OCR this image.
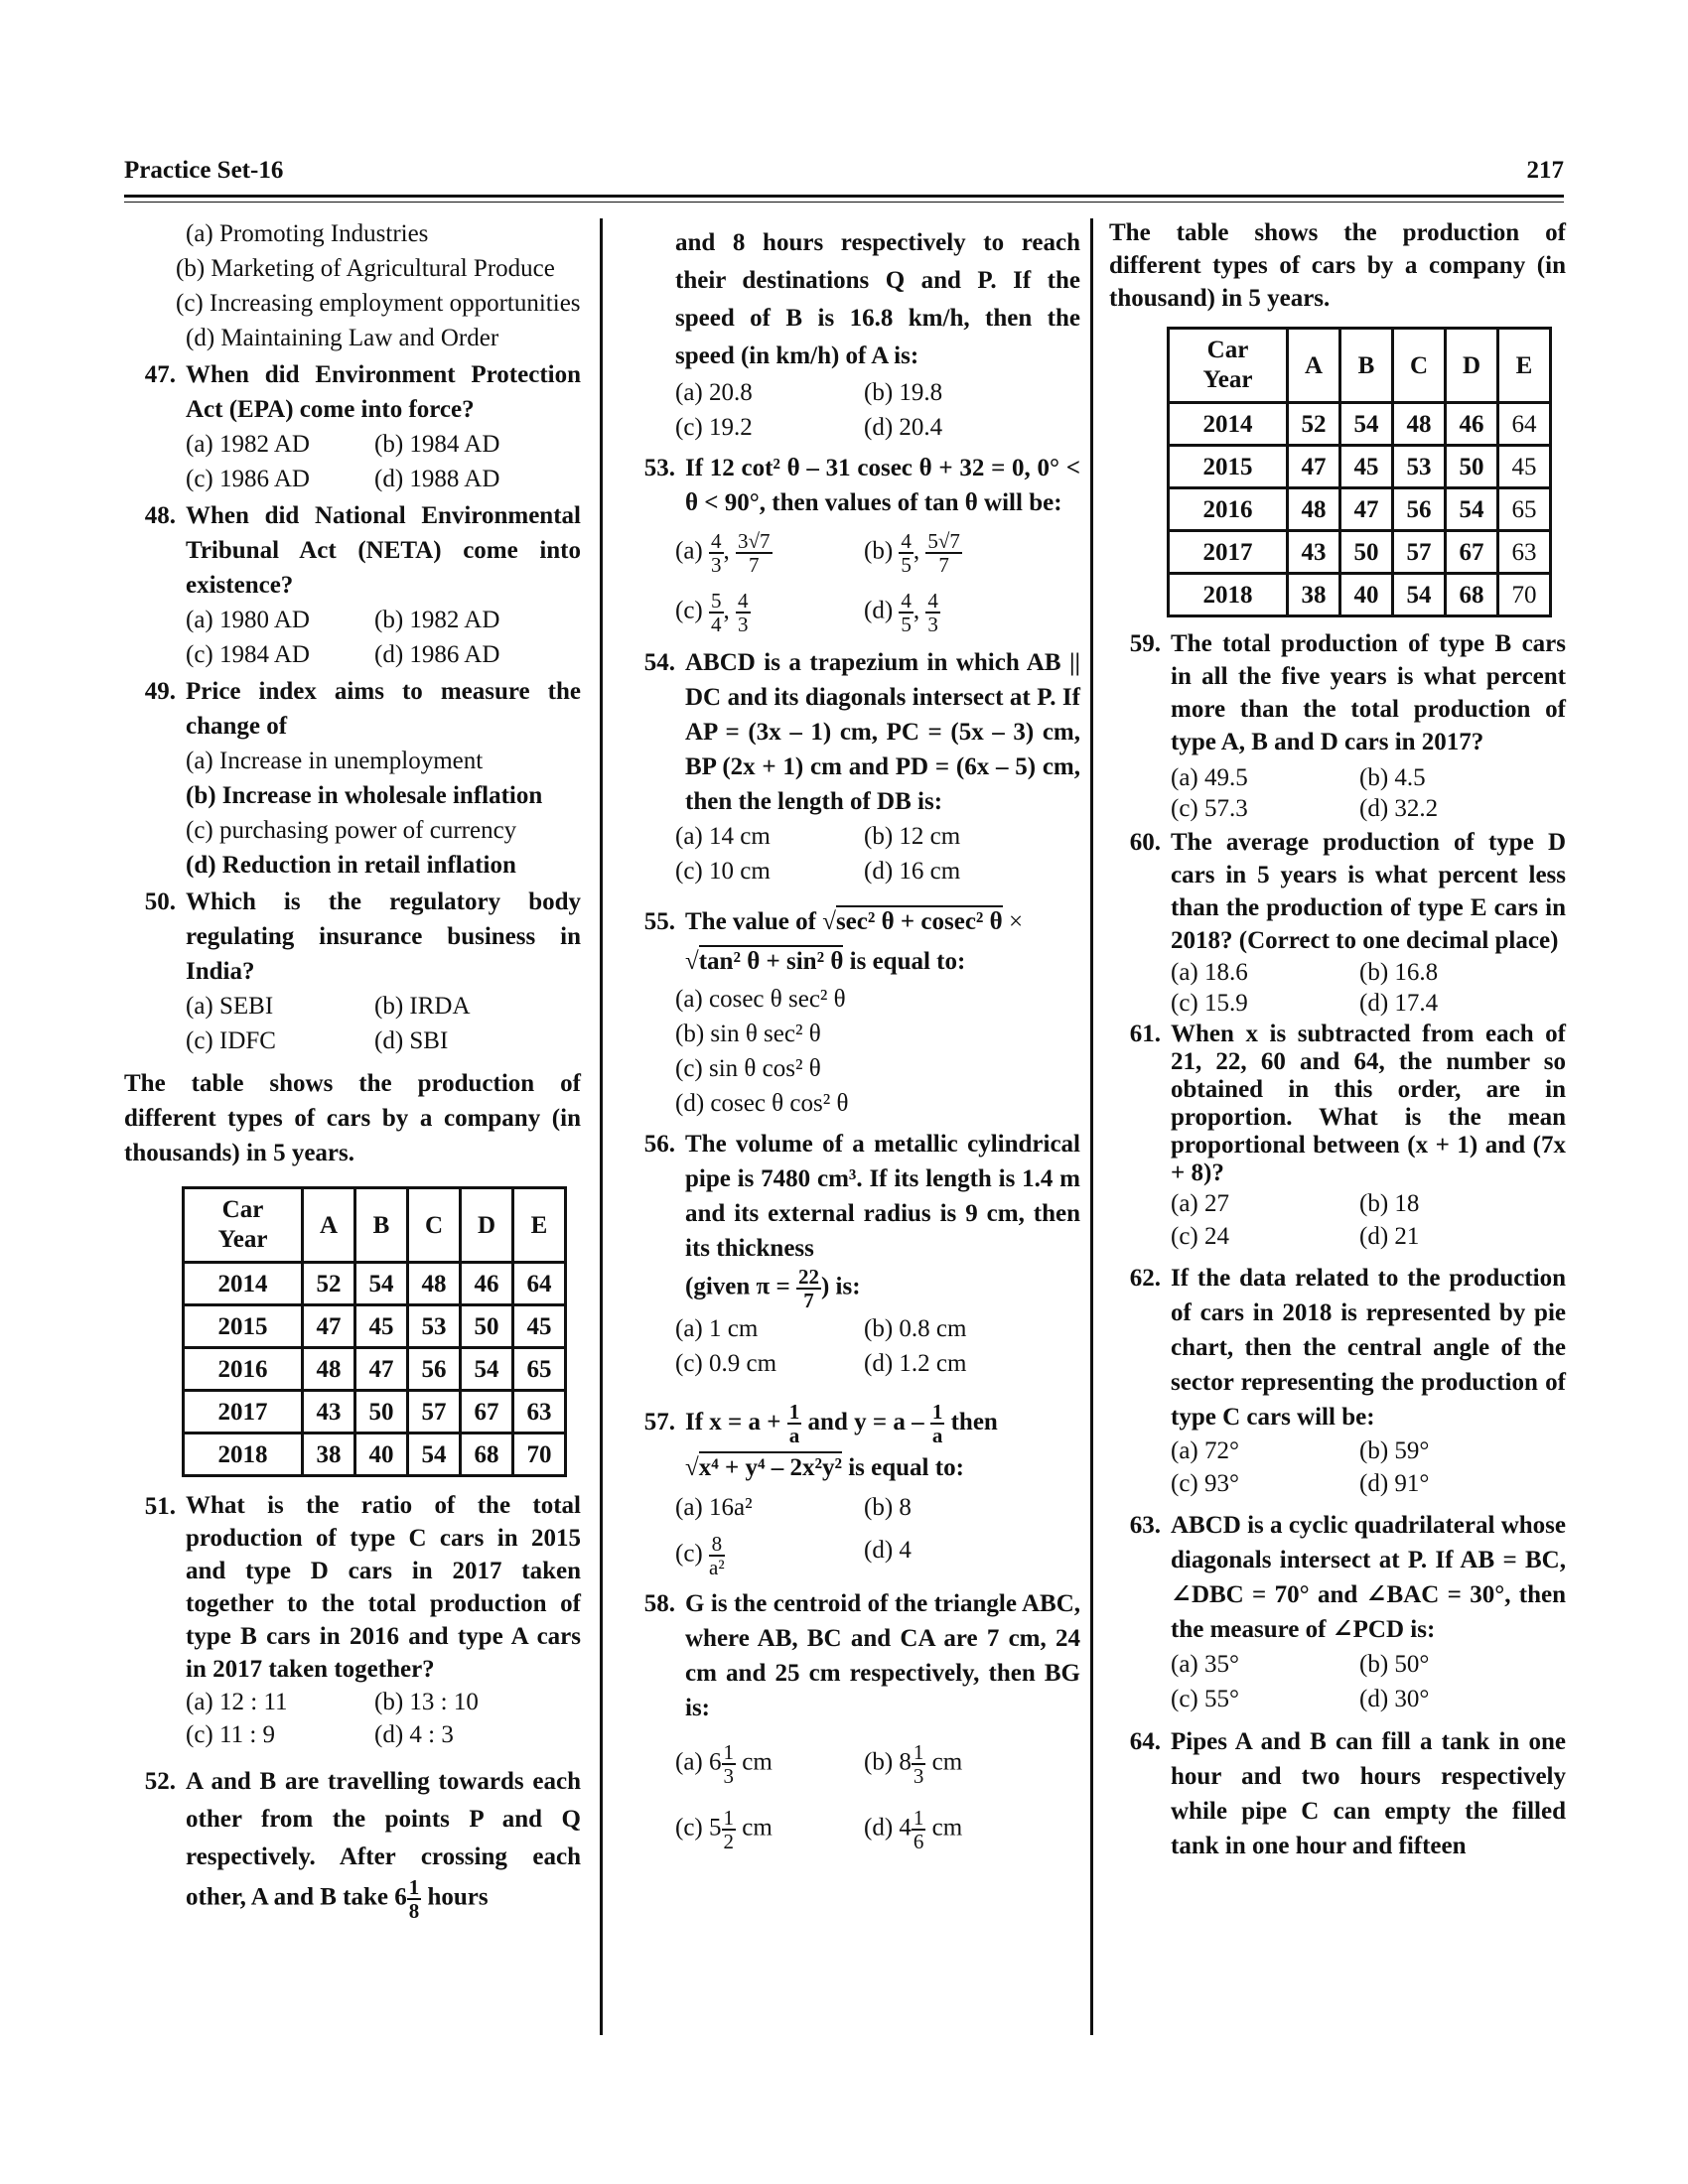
Practice Set-16	217
(a) Promoting Industries
(b) Marketing of Agricultural Produce
(c) Increasing employment opportunities
(d) Maintaining Law and Order
47. When did Environment Protection Act (EPA) come into force?
(a) 1982 AD	(b) 1984 AD
(c) 1986 AD	(d) 1988 AD
48. When did National Environmental Tribunal Act (NETA) come into existence?
(a) 1980 AD	(b) 1982 AD
(c) 1984 AD	(d) 1986 AD
49. Price index aims to measure the change of
(a) Increase in unemployment
(b) Increase in wholesale inflation
(c) purchasing power of currency
(d) Reduction in retail inflation
50. Which is the regulatory body regulating insurance business in India?
(a) SEBI	(b) IRDA
(c) IDFC	(d) SBI
The table shows the production of different types of cars by a company (in thousands) in 5 years.
Car
Year	A	B	C	D	E
2014	52	54	48	46	64
2015	47	45	53	50	45
2016	48	47	56	54	65
2017	43	50	57	67	63
2018	38	40	54	68	70
51. What is the ratio of the total production of type C cars in 2015 and type D cars in 2017 taken together to the total production of type B cars in 2016 and type A cars in 2017 taken together?
(a) 12 : 11	(b) 13 : 10
(c) 11 : 9	(d) 4 : 3
52. A and B are travelling towards each other from the points P and Q respectively. After crossing each other, A and B take $6 \frac{1}{8}$ hours
and 8 hours respectively to reach their destinations Q and P. If the speed of B is 16.8 km/h, then the speed (in km/h) of A is:
(a) 20.8	(b) 19.8
(c) 19.2	(d) 20.4
53. If 12 cot² θ – 31 cosec θ + 32 = 0, 0° < θ < 90°, then values of tan θ will be:
$(a) \frac{4}{3}$ , $\frac{3√7}{7}$	$(b) \frac{4}{5}$ , $\frac{5√7}{7}$
$(c) \frac{5}{4}$ , $\frac{4}{3}$	$(d) \frac{4}{5}$ , $\frac{4}{3}$
54. ABCD is a trapezium in which AB || DC and its diagonals intersect at P. If AP = (3x – 1) cm, PC = (5x – 3) cm, BP (2x + 1) cm and PD = (6x – 5) cm, then the length of DB is:
(a) 14 cm	(b) 12 cm
(c) 10 cm	(d) 16 cm
55. The value of √sec² θ + cosec² θ ×
√tan² θ + sin² θ is equal to:
(a) cosec θ sec² θ
(b) sin θ sec² θ
(c) sin θ cos² θ
(d) cosec θ cos² θ
56. The volume of a metallic cylindrical pipe is 7480 cm³. If its length is 1.4 m and its external radius is 9 cm, then its thickness
(given $\pi = \frac{22}{7}$ ) is:
(a) 1 cm	(b) 0.8 cm
(c) 0.9 cm	(d) 1.2 cm
57. If $x = a + \frac{1}{a}$ and $y = a - \frac{1}{a}$ then
√x⁴ + y⁴ – 2x²y² is equal to:
(a) 16a²	(b) 8
$(c) \frac{8}{\text{a²}}$	(d) 4
58. G is the centroid of the triangle ABC, where AB, BC and CA are 7 cm, 24 cm and 25 cm respectively, then BG is:
(a) $6 \frac{1}{3}$ cm	(b) $8 \frac{1}{3}$ cm
(c) $5 \frac{1}{2}$ cm	(d) $4 \frac{1}{6}$ cm
The table shows the production of different types of cars by a company (in thousand) in 5 years.
Car
Year	A	B	C	D	E
2014	52	54	48	46	64
2015	47	45	53	50	45
2016	48	47	56	54	65
2017	43	50	57	67	63
2018	38	40	54	68	70
59. The total production of type B cars in all the five years is what percent more than the total production of type A, B and D cars in 2017?
(a) 49.5	(b) 4.5
(c) 57.3	(d) 32.2
60. The average production of type D cars in 5 years is what percent less than the production of type E cars in 2018? (Correct to one decimal place)
(a) 18.6	(b) 16.8
(c) 15.9	(d) 17.4
61. When x is subtracted from each of 21, 22, 60 and 64, the number so obtained in this order, are in proportion. What is the mean proportional between (x + 1) and (7x + 8)?
(a) 27	(b) 18
(c) 24	(d) 21
62. If the data related to the production of cars in 2018 is represented by pie chart, then the central angle of the sector representing the production of type C cars will be:
(a) 72°	(b) 59°
(c) 93°	(d) 91°
63. ABCD is a cyclic quadrilateral whose diagonals intersect at P. If AB = BC, ∠DBC = 70° and ∠BAC = 30°, then the measure of ∠PCD is:
(a) 35°	(b) 50°
(c) 55°	(d) 30°
64. Pipes A and B can fill a tank in one hour and two hours respectively while pipe C can empty the filled tank in one hour and fifteen
